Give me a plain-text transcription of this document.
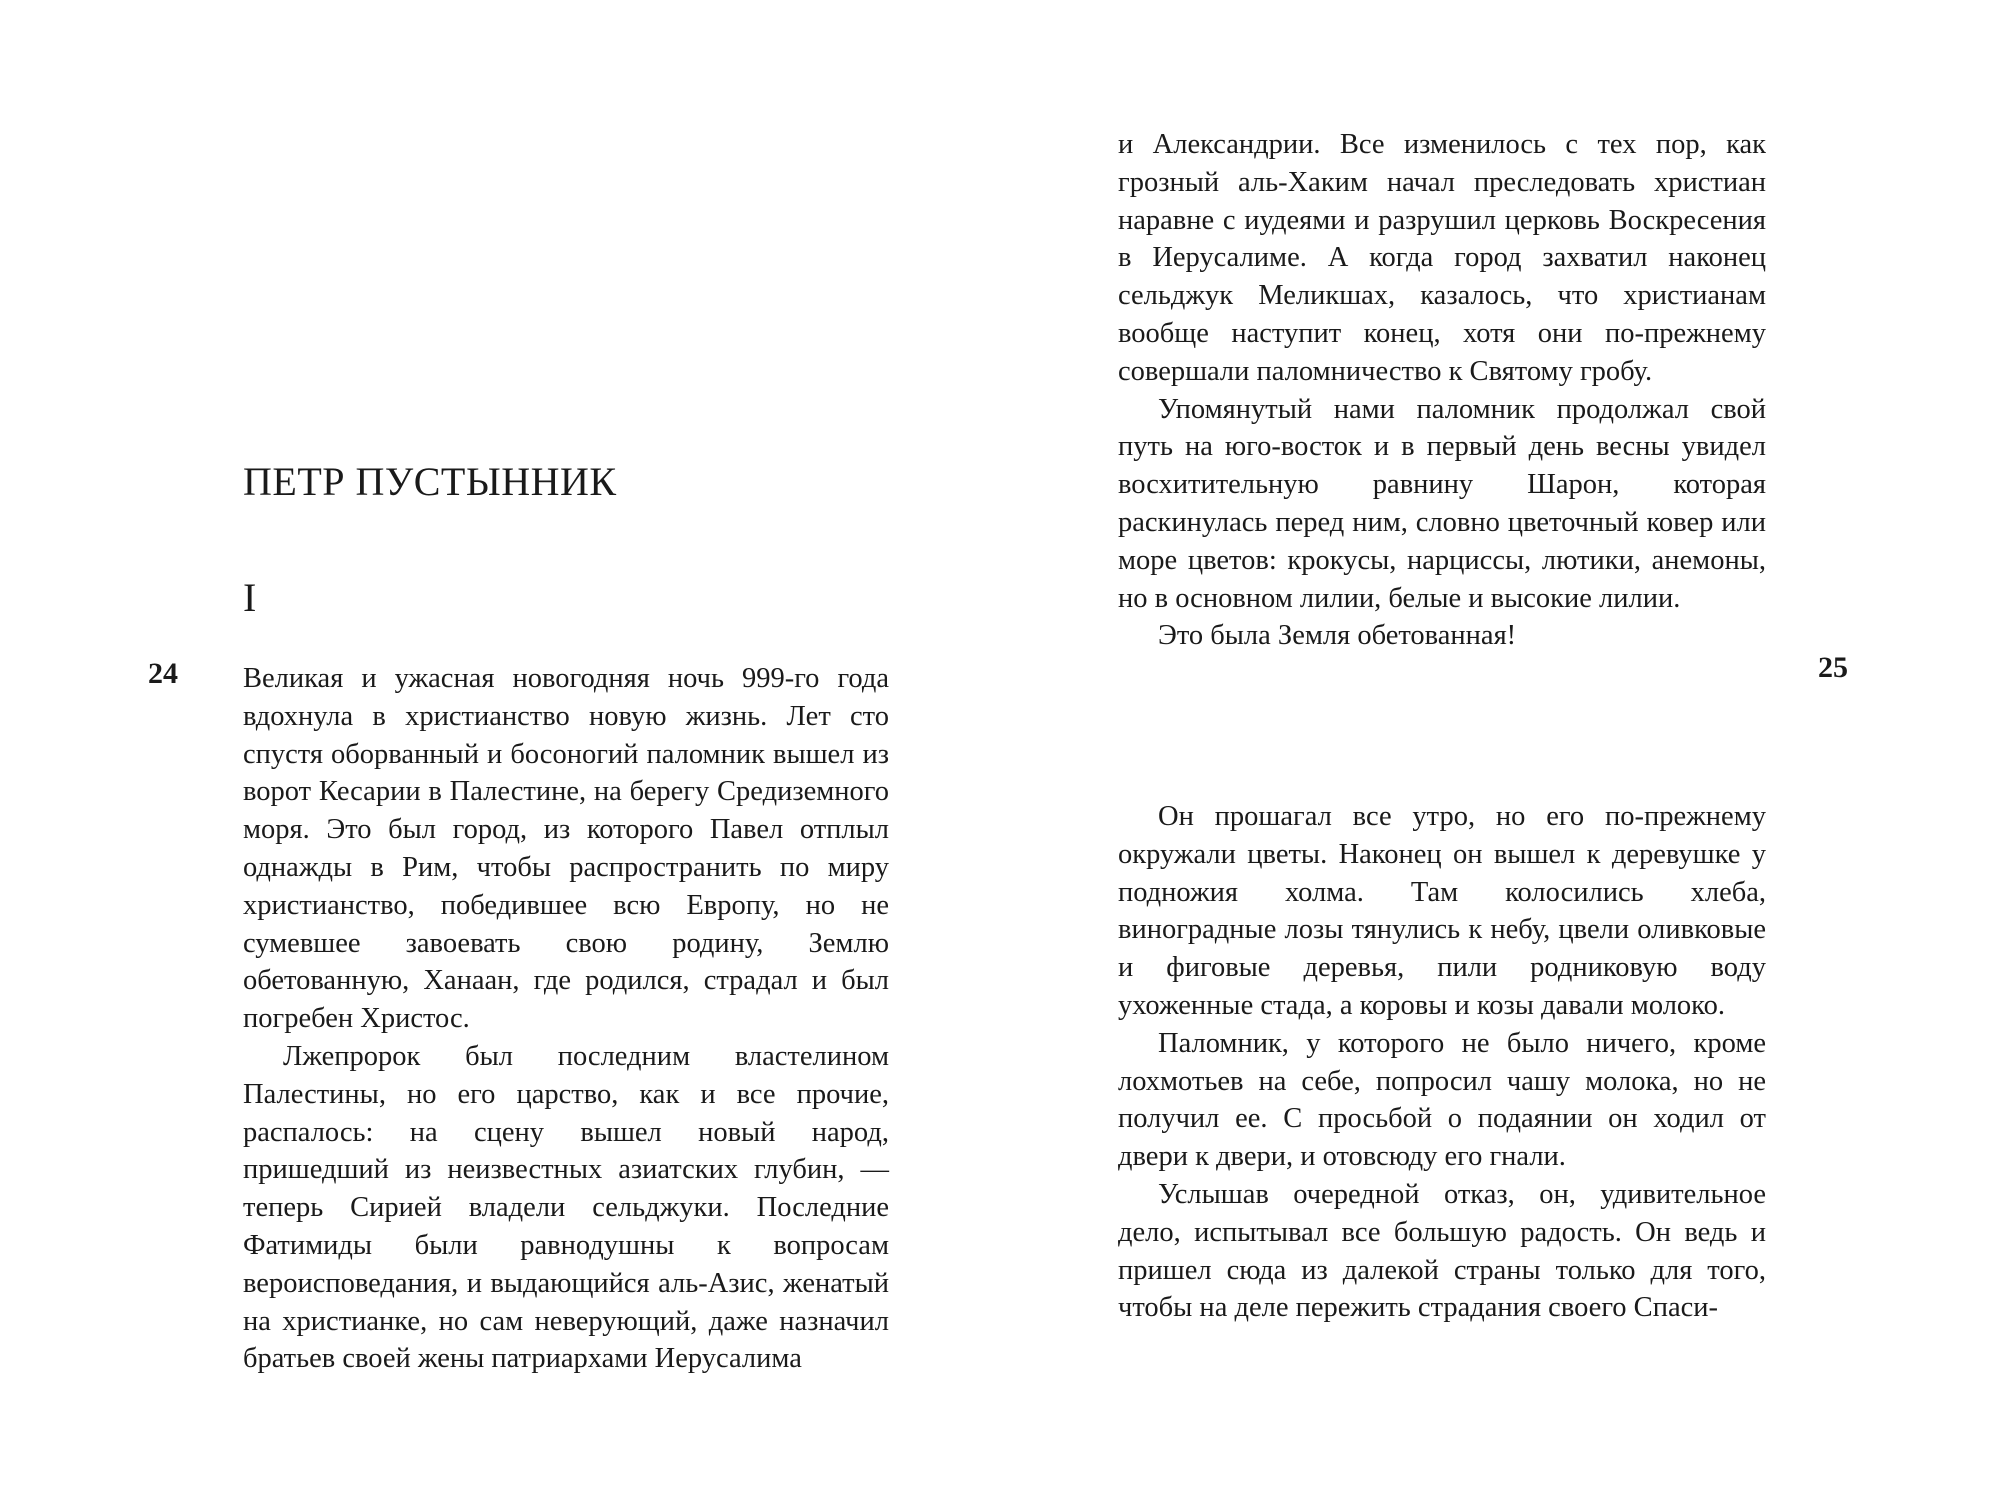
ПЕТР ПУСТЫННИК
I
24 Великая и ужасная новогодняя ночь 999-го года вдохнула в христианство новую жизнь. Лет сто спустя оборванный и босоногий паломник вышел из ворот Кесарии в Палестине, на берегу Средиземного моря. Это был город, из которого Павел отплыл однажды в Рим, чтобы распространить по миру христианство, победившее всю Европу, но не сумевшее завоевать свою родину, Землю обетованную, Ханаан, где родился, страдал и был погребен Христос.

Лжепророк был последним властелином Палестины, но его царство, как и все прочие, распалось: на сцену вышел новый народ, пришедший из неизвестных азиатских глубин, — теперь Сирией владели сельджуки. Последние Фатимиды были равнодушны к вопросам вероисповедания, и выдающийся аль-Азис, женатый на христианке, но сам неверующий, даже назначил братьев своей жены патриархами Иерусалима

и Александрии. Все изменилось с тех пор, как грозный аль-Хаким начал преследовать христиан наравне с иудеями и разрушил церковь Воскресения в Иерусалиме. А когда город захватил наконец сельджук Меликшах, казалось, что христианам вообще наступит конец, хотя они по-прежнему совершали паломничество к Святому гробу.

Упомянутый нами паломник продолжал свой путь на юго-восток и в первый день весны увидел восхитительную равнину Шарон, которая раскинулась перед ним, словно цветочный ковер или море цветов: крокусы, нарциссы, лютики, анемоны, но в основном лилии, белые и высокие лилии.

Это была Земля обетованная!

25

Он прошагал все утро, но его по-прежнему окружали цветы. Наконец он вышел к деревушке у подножия холма. Там колосились хлеба, виноградные лозы тянулись к небу, цвели оливковые и фиговые деревья, пили родниковую воду ухоженные стада, а коровы и козы давали молоко.

Паломник, у которого не было ничего, кроме лохмотьев на себе, попросил чашу молока, но не получил ее. С просьбой о подаянии он ходил от двери к двери, и отовсюду его гнали.

Услышав очередной отказ, он, удивительное дело, испытывал все большую радость. Он ведь и пришел сюда из далекой страны только для того, чтобы на деле пережить страдания своего Спаси-
